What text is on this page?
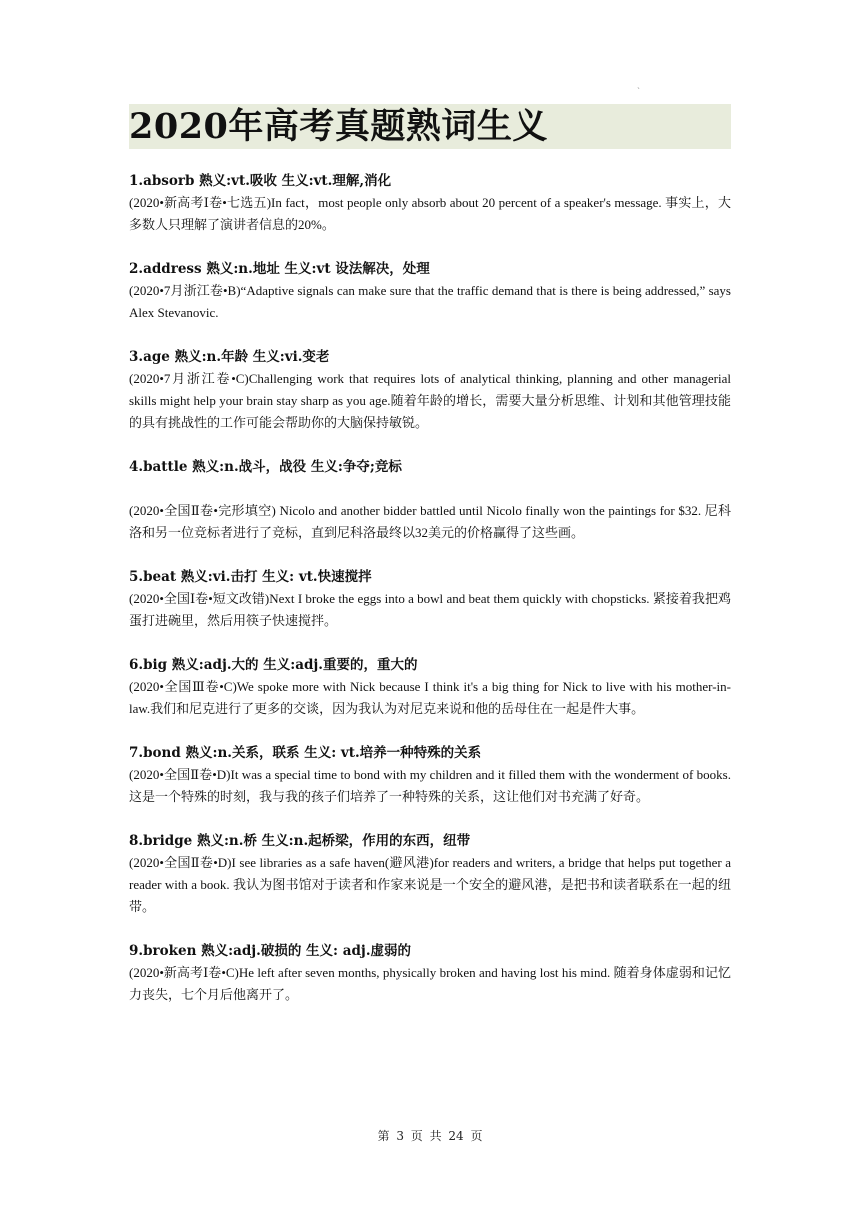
`
2020年高考真题熟词生义
1.absorb 熟义:vt.吸收 生义:vt.理解,消化
(2020•新高考Ⅰ卷•七选五)In fact，most people only absorb about 20 percent of a speaker's message. 事实上，大多数人只理解了演讲者信息的20%。
2.address 熟义:n.地址 生义:vt 设法解决，处理
(2020•7月浙江卷•B)“Adaptive signals can make sure that the traffic demand that is there is being addressed,” says Alex Stevanovic.
3.age 熟义:n.年龄 生义:vi.变老
(2020•7月浙江卷•C)Challenging work that requires lots of analytical thinking, planning and other managerial skills might help your brain stay sharp as you age.随着年龄的增长，需要大量分析思维、计划和其他管理技能的具有挑战性的工作可能会帮助你的大脑保持敏锐。
4.battle 熟义:n.战斗，战役 生义:争夺;竞标
(2020•全国Ⅱ卷•完形填空) Nicolo and another bidder battled until Nicolo finally won the paintings for $32. 尼科洛和另一位竞标者进行了竞标，直到尼科洛最终以32美元的价格赢得了这些画。
5.beat 熟义:vi.击打 生义: vt.快速搅拌
(2020•全国Ⅰ卷•短文改错)Next I broke the eggs into a bowl and beat them quickly with chopsticks. 紧接着我把鸡蛋打进碗里，然后用筷子快速搅拌。
6.big 熟义:adj.大的 生义:adj.重要的，重大的
(2020•全国Ⅲ卷•C)We spoke more with Nick because I think it's a big thing for Nick to live with his mother-in-law.我们和尼克进行了更多的交谈，因为我认为对尼克来说和他的岳母住在一起是件大事。
7.bond 熟义:n.关系，联系 生义: vt.培养一种特殊的关系
(2020•全国Ⅱ卷•D)It was a special time to bond with my children and it filled them with the wonderment of books.这是一个特殊的时刻，我与我的孩子们培养了一种特殊的关系，这让他们对书充满了好奇。
8.bridge 熟义:n.桥 生义:n.起桥梁，作用的东西，纽带
(2020•全国Ⅱ卷•D)I see libraries as a safe haven(避风港)for readers and writers, a bridge that helps put together a reader with a book. 我认为图书馆对于读者和作家来说是一个安全的避风港，是把书和读者联系在一起的纽带。
9.broken 熟义:adj.破损的 生义: adj.虚弱的
(2020•新高考Ⅰ卷•C)He left after seven months, physically broken and having lost his mind. 随着身体虚弱和记忆力丧失，七个月后他离开了。
第 3 页 共 24 页
